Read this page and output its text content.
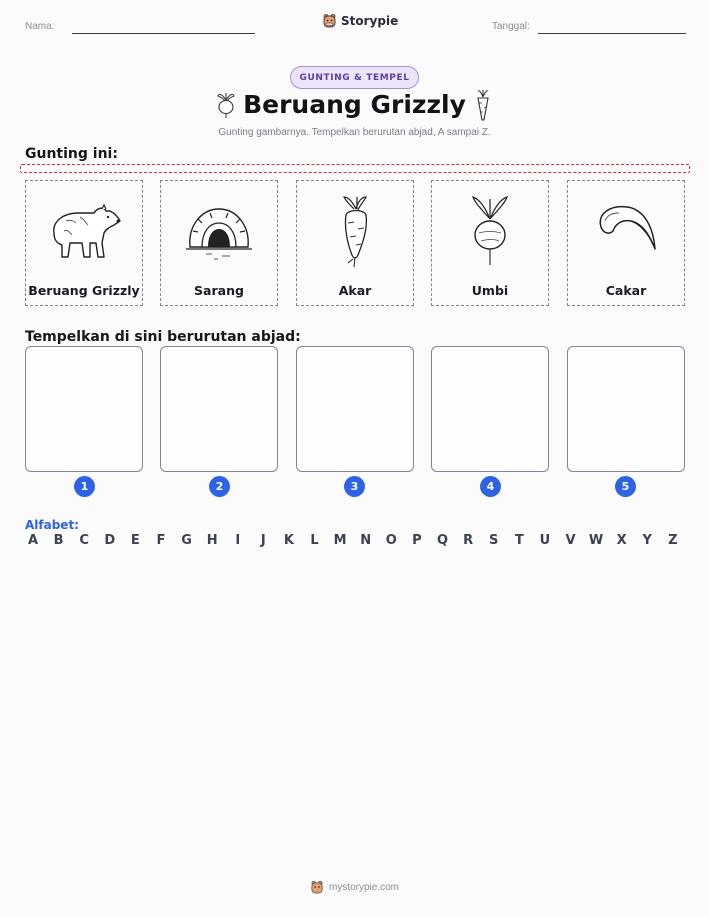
Nama:	Storypie	Tanggal:
GUNTING & TEMPEL
Beruang Grizzly
Gunting gambarnya. Tempelkan berurutan abjad, A sampai Z.
Gunting ini:
Beruang Grizzly	Sarang	Akar	Umbi	Cakar
Tempelkan di sini berurutan abjad:
1	2	3	4	5
Alfabet:
A B C D E F G H	I	J	K L M N O P Q R S T U V W X Y Z
mystorypie.com
